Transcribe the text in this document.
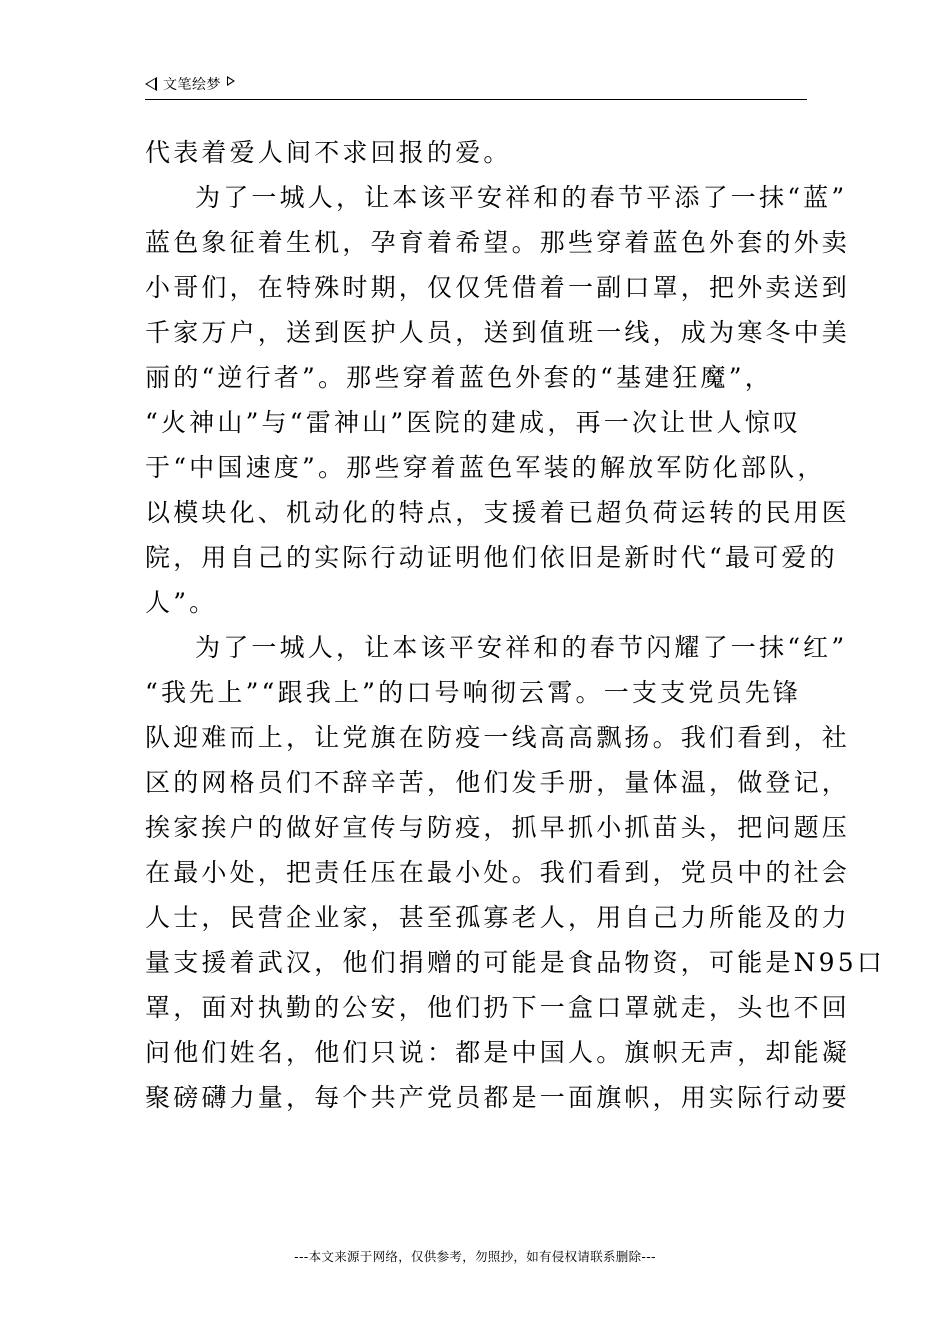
文笔绘梦
代表着爱人间不求回报的爱。
为了一城人，让本该平安祥和的春节平添了一抹“蓝”
蓝色象征着生机，孕育着希望。那些穿着蓝色外套的外卖
小哥们，在特殊时期，仅仅凭借着一副口罩，把外卖送到
千家万户，送到医护人员，送到值班一线，成为寒冬中美
丽的“逆行者”。那些穿着蓝色外套的“基建狂魔”，
“火神山”与“雷神山”医院的建成，再一次让世人惊叹
于“中国速度”。那些穿着蓝色军装的解放军防化部队，
以模块化、机动化的特点，支援着已超负荷运转的民用医
院，用自己的实际行动证明他们依旧是新时代“最可爱的
人”。
为了一城人，让本该平安祥和的春节闪耀了一抹“红”
“我先上”“跟我上”的口号响彻云霄。一支支党员先锋
队迎难而上，让党旗在防疫一线高高飘扬。我们看到，社
区的网格员们不辞辛苦，他们发手册，量体温，做登记，
挨家挨户的做好宣传与防疫，抓早抓小抓苗头，把问题压
在最小处，把责任压在最小处。我们看到，党员中的社会
人士，民营企业家，甚至孤寡老人，用自己力所能及的力
量支援着武汉，他们捐赠的可能是食品物资，可能是N95口
罩，面对执勤的公安，他们扔下一盒口罩就走，头也不回
问他们姓名，他们只说：都是中国人。旗帜无声，却能凝
聚磅礴力量，每个共产党员都是一面旗帜，用实际行动要
---本文来源于网络，仅供参考，勿照抄，如有侵权请联系删除---
